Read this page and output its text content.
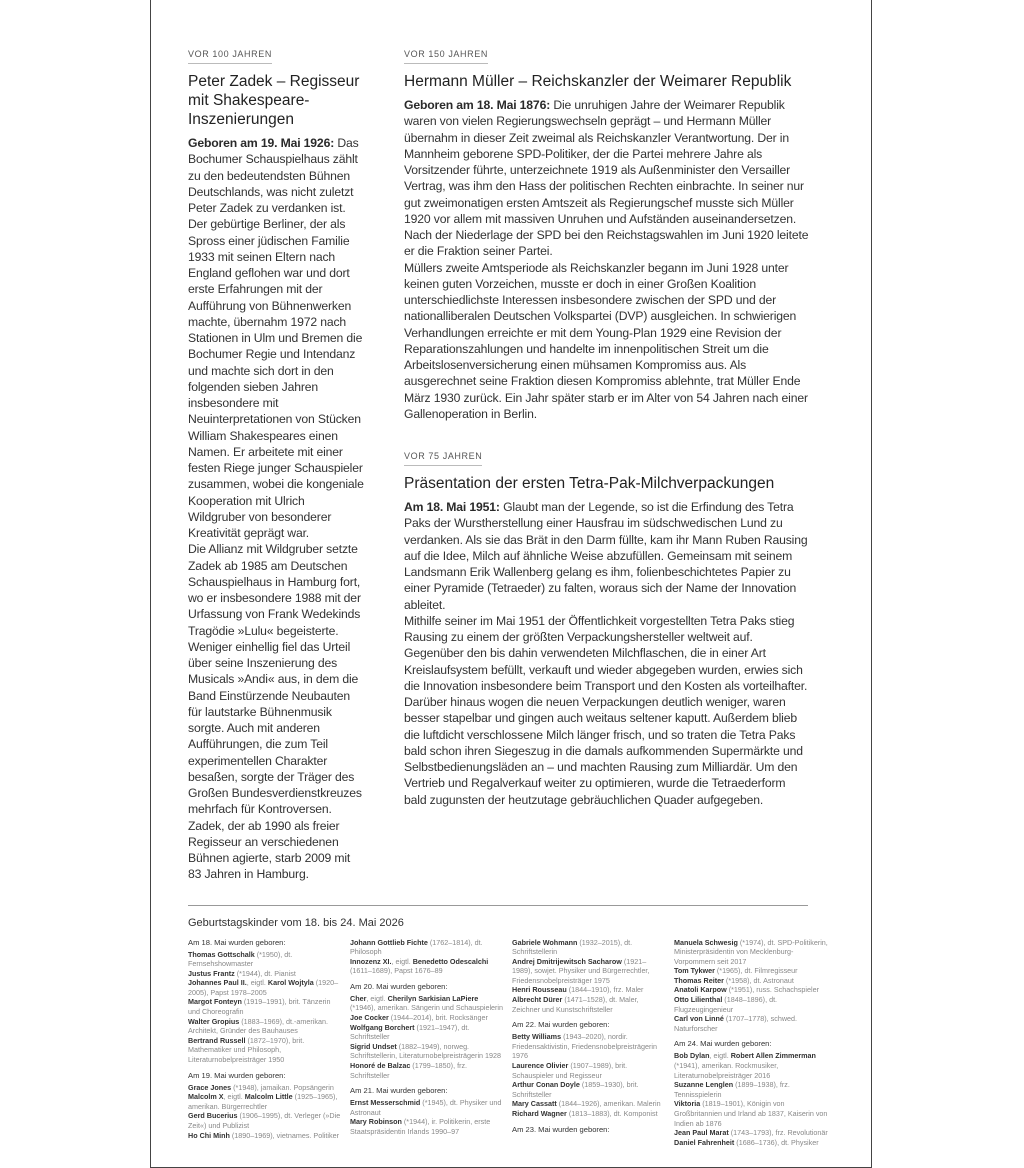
VOR 100 JAHREN
Peter Zadek – Regisseur mit Shakespeare-Inszenierungen

Geboren am 19. Mai 1926: Das Bochumer Schauspielhaus zählt zu den bedeutendsten Bühnen Deutschlands, was nicht zuletzt Peter Zadek zu verdanken ist. Der gebürtige Berliner, der als Spross einer jüdischen Familie 1933 mit seinen Eltern nach England geflohen war und dort erste Erfahrungen mit der Aufführung von Bühnenwerken machte, übernahm 1972 nach Stationen in Ulm und Bremen die Bochumer Regie und Intendanz und machte sich dort in den folgenden sieben Jahren insbesondere mit Neuinterpretationen von Stücken William Shakespeares einen Namen. Er arbeitete mit einer festen Riege junger Schauspieler zusammen, wobei die kongeniale Kooperation mit Ulrich Wildgruber von besonderer Kreativität geprägt war.

Die Allianz mit Wildgruber setzte Zadek ab 1985 am Deutschen Schauspielhaus in Hamburg fort, wo er insbesondere 1988 mit der Urfassung von Frank Wedekinds Tragödie »Lulu« begeisterte. Weniger einhellig fiel das Urteil über seine Inszenierung des Musicals »Andi« aus, in dem die Band Einstürzende Neubauten für lautstarke Bühnenmusik sorgte. Auch mit anderen Aufführungen, die zum Teil experimentellen Charakter besaßen, sorgte der Träger des Großen Bundesverdienstkreuzes mehrfach für Kontroversen. Zadek, der ab 1990 als freier Regisseur an verschiedenen Bühnen agierte, starb 2009 mit 83 Jahren in Hamburg.

VOR 150 JAHREN
Hermann Müller – Reichskanzler der Weimarer Republik

Geboren am 18. Mai 1876: Die unruhigen Jahre der Weimarer Republik waren von vielen Regierungswechseln geprägt – und Hermann Müller übernahm in dieser Zeit zweimal als Reichskanzler Verantwortung. Der in Mannheim geborene SPD-Politiker, der die Partei mehrere Jahre als Vorsitzender führte, unterzeichnete 1919 als Außenminister den Versailler Vertrag, was ihm den Hass der politischen Rechten einbrachte. In seiner nur gut zweimonatigen ersten Amtszeit als Regierungschef musste sich Müller 1920 vor allem mit massiven Unruhen und Aufständen auseinandersetzen. Nach der Niederlage der SPD bei den Reichstagswahlen im Juni 1920 leitete er die Fraktion seiner Partei.

Müllers zweite Amtsperiode als Reichskanzler begann im Juni 1928 unter keinen guten Vorzeichen, musste er doch in einer Großen Koalition unterschiedlichste Interessen insbesondere zwischen der SPD und der nationalliberalen Deutschen Volkspartei (DVP) ausgleichen. In schwierigen Verhandlungen erreichte er mit dem Young-Plan 1929 eine Revision der Reparationszahlungen und handelte im innenpolitischen Streit um die Arbeitslosenversicherung einen mühsamen Kompromiss aus. Als ausgerechnet seine Fraktion diesen Kompromiss ablehnte, trat Müller Ende März 1930 zurück. Ein Jahr später starb er im Alter von 54 Jahren nach einer Gallenoperation in Berlin.

VOR 75 JAHREN
Präsentation der ersten Tetra-Pak-Milchverpackungen

Am 18. Mai 1951: Glaubt man der Legende, so ist die Erfindung des Tetra Paks der Wurstherstellung einer Hausfrau im südschwedischen Lund zu verdanken. Als sie das Brät in den Darm füllte, kam ihr Mann Ruben Rausing auf die Idee, Milch auf ähnliche Weise abzufüllen. Gemeinsam mit seinem Landsmann Erik Wallenberg gelang es ihm, folienbeschichtetes Papier zu einer Pyramide (Tetraeder) zu falten, woraus sich der Name der Innovation ableitet.

Mithilfe seiner im Mai 1951 der Öffentlichkeit vorgestellten Tetra Paks stieg Rausing zu einem der größten Verpackungshersteller weltweit auf. Gegenüber den bis dahin verwendeten Milchflaschen, die in einer Art Kreislaufsystem befüllt, verkauft und wieder abgegeben wurden, erwies sich die Innovation insbesondere beim Transport und den Kosten als vorteilhafter. Darüber hinaus wogen die neuen Verpackungen deutlich weniger, waren besser stapelbar und gingen auch weitaus seltener kaputt. Außerdem blieb die luftdicht verschlossene Milch länger frisch, und so traten die Tetra Paks bald schon ihren Siegeszug in die damals aufkommenden Supermärkte und Selbstbedienungsläden an – und machten Rausing zum Milliardär. Um den Vertrieb und Regalverkauf weiter zu optimieren, wurde die Tetraederform bald zugunsten der heutzutage gebräuchlichen Quader aufgegeben.

Geburtstagskinder vom 18. bis 24. Mai 2026
Am 18. Mai wurden geboren:
Thomas Gottschalk (*1950), dt. Fernsehshowmaster
Justus Frantz (*1944), dt. Pianist
Johannes Paul II., eigtl. Karol Wojtyla (1920–2005), Papst 1978–2005
Margot Fonteyn (1919–1991), brit. Tänzerin und Choreografin
Walter Gropius (1883–1969), dt.-amerikan. Architekt, Gründer des Bauhauses
Bertrand Russell (1872–1970), brit. Mathematiker und Philosoph, Literaturnobelpreisträger 1950
Am 19. Mai wurden geboren:
Grace Jones (*1948), jamaikan. Popsängerin
Malcolm X, eigtl. Malcolm Little (1925–1965), amerikan. Bürgerrechtler
Gerd Bucerius (1906–1995), dt. Verleger (»Die Zeit«) und Publizist
Ho Chi Minh (1890–1969), vietnames. Politiker
Johann Gottlieb Fichte (1762–1814), dt. Philosoph
Innozenz XI., eigtl. Benedetto Odescalchi (1611–1689), Papst 1676–89
Am 20. Mai wurden geboren:
Cher, eigtl. Cherilyn Sarkisian LaPiere (*1946), amerikan. Sängerin und Schauspielerin
Joe Cocker (1944–2014), brit. Rocksänger
Wolfgang Borchert (1921–1947), dt. Schriftsteller
Sigrid Undset (1882–1949), norweg. Schriftstellerin, Literaturnobelpreisträgerin 1928
Honoré de Balzac (1799–1850), frz. Schriftsteller
Am 21. Mai wurden geboren:
Ernst Messerschmid (*1945), dt. Physiker und Astronaut
Mary Robinson (*1944), ir. Politikerin, erste Staatspräsidentin Irlands 1990–97
Gabriele Wohmann (1932–2015), dt. Schriftstellerin
Andrej Dmitrijewitsch Sacharow (1921–1989), sowjet. Physiker und Bürgerrechtler, Friedensnobelpreisträger 1975
Henri Rousseau (1844–1910), frz. Maler
Albrecht Dürer (1471–1528), dt. Maler, Zeichner und Kunstschriftsteller
Am 22. Mai wurden geboren:
Betty Williams (1943–2020), nordir. Friedensaktivistin, Friedensnobelpreisträgerin 1976
Laurence Olivier (1907–1989), brit. Schauspieler und Regisseur
Arthur Conan Doyle (1859–1930), brit. Schriftsteller
Mary Cassatt (1844–1926), amerikan. Malerin
Richard Wagner (1813–1883), dt. Komponist
Am 23. Mai wurden geboren:
Manuela Schwesig (*1974), dt. SPD-Politikerin, Ministerpräsidentin von Mecklenburg-Vorpommern seit 2017
Tom Tykwer (*1965), dt. Filmregisseur
Thomas Reiter (*1958), dt. Astronaut
Anatoli Karpow (*1951), russ. Schachspieler
Otto Lilienthal (1848–1896), dt. Flugzeugingenieur
Carl von Linné (1707–1778), schwed. Naturforscher
Am 24. Mai wurden geboren:
Bob Dylan, eigtl. Robert Allen Zimmerman (*1941), amerikan. Rockmusiker, Literaturnobelpreisträger 2016
Suzanne Lenglen (1899–1938), frz. Tennisspielerin
Viktoria (1819–1901), Königin von Großbritannien und Irland ab 1837, Kaiserin von Indien ab 1876
Jean Paul Marat (1743–1793), frz. Revolutionär
Daniel Fahrenheit (1686–1736), dt. Physiker
